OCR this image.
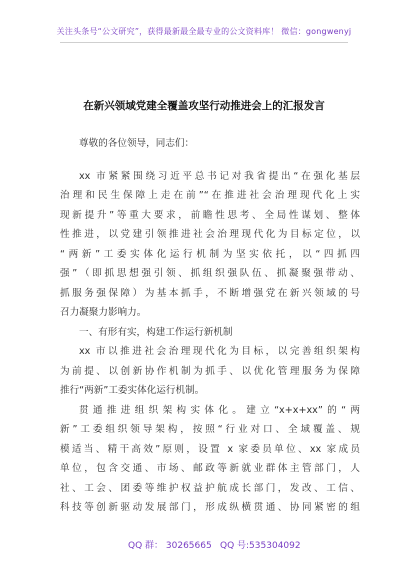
关注头条号“公文研究”，获得最新最全最专业的公文资料库！ 微信：gongwenyj
在新兴领域党建全覆盖攻坚行动推进会上的汇报发言
尊敬的各位领导，同志们：
xx 市紧紧围绕习近平总书记对我省提出“在强化基层
治理和民生保障上走在前”“在推进社会治理现代化上实
现新提升”等重大要求，前瞻性思考、全局性谋划、整体
性推进，以党建引领推进社会治理现代化为目标定位，以
“两新”工委实体化运行机制为坚实依托，以“四抓四
强”（即抓思想强引领、抓组织强队伍、抓凝聚强带动、
抓服务强保障）为基本抓手，不断增强党在新兴领域的号
召力凝聚力影响力。
一、有形有实，构建工作运行新机制
xx 市以推进社会治理现代化为目标，以完善组织架构
为前提、以创新协作机制为抓手、以优化管理服务为保障
推行“两新”工委实体化运行机制。
贯通推进组织架构实体化。建立“x+x+xx”的“两
新”工委组织领导架构，按照“行业对口、全域覆盖、规
模适当、精干高效”原则，设置 x 家委员单位、xx 家成员
单位，包含交通、市场、邮政等新就业群体主管部门，人
社、工会、团委等维护权益护航成长部门，发改、工信、
科技等创新驱动发展部门，形成纵横贯通、协同紧密的组
QQ 群： 30265665 QQ 号:535304092
